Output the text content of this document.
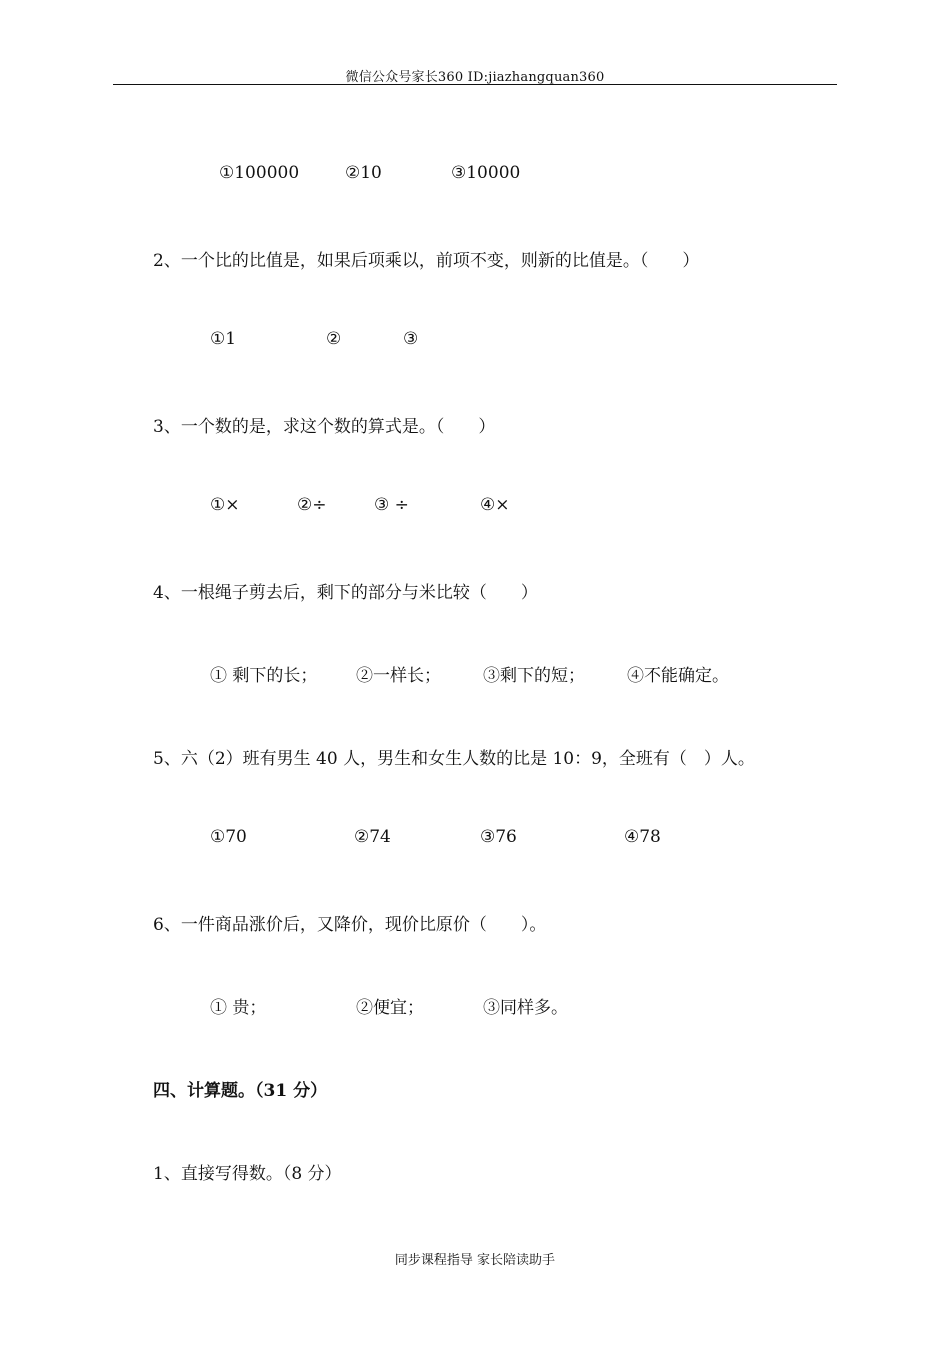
微信公众号家长360 ID:jiazhangquan360
①100000	②10	③10000
2、一个比的比值是，如果后项乘以，前项不变，则新的比值是。（　　）
①1	②	③
3、一个数的是，求这个数的算式是。（　　）
①×	②÷	③ ÷	④×
4、一根绳子剪去后，剩下的部分与米比较（　　）
① 剩下的长； ②一样长； ③剩下的短； ④不能确定。
5、六（2）班有男生 40 人，男生和女生人数的比是 10：9，全班有（　）人。
①70	②74	③76	④78
6、一件商品涨价后，又降价，现价比原价（　　）。
① 贵；	②便宜；	③同样多。
四、计算题。（31 分）
1、直接写得数。（8 分）
同步课程指导 家长陪读助手
